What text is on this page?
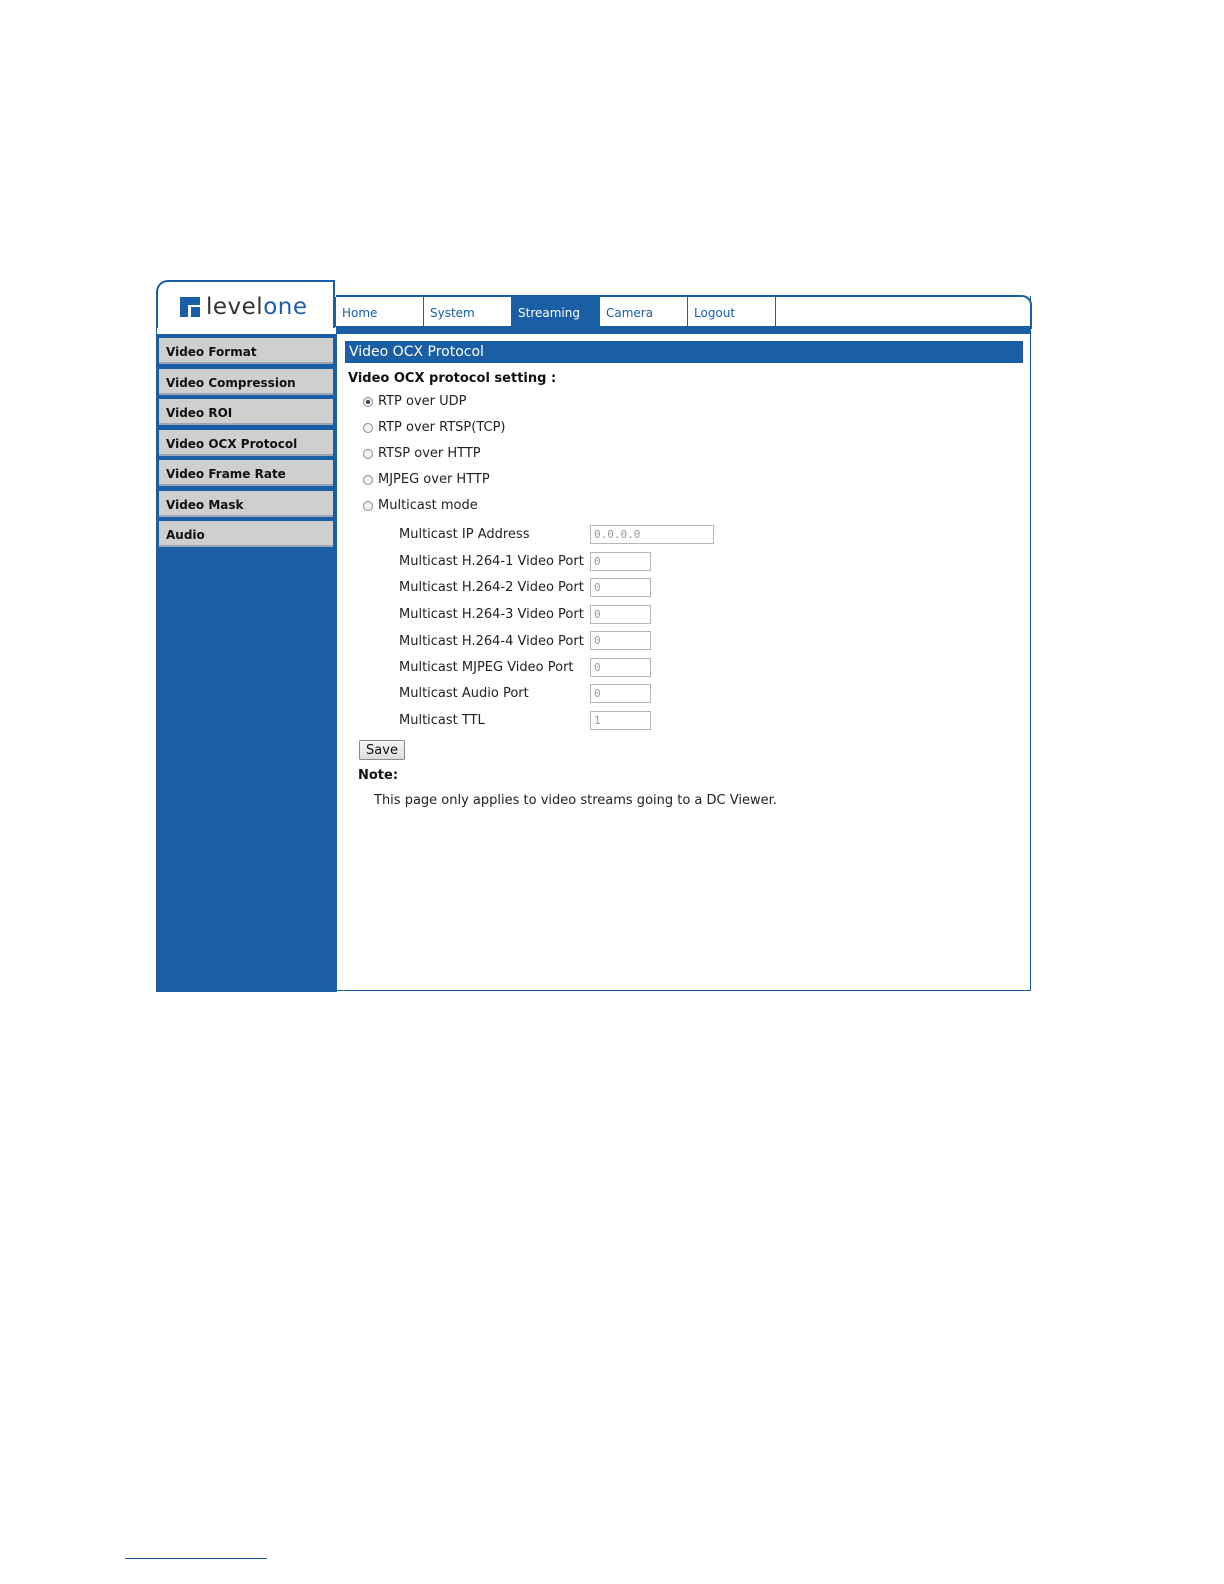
levelone	Home	System	Streaming	Camera	Logout
Video Format
Video Compression
Video ROI
Video OCX Protocol
Video Frame Rate
Video Mask
Audio
Video OCX Protocol
Video OCX protocol setting :
RTP over UDP
RTP over RTSP(TCP)
RTSP over HTTP
MJPEG over HTTP
Multicast mode
Multicast IP Address	0.0.0.0
Multicast H.264-1 Video Port 0
Multicast H.264-2 Video Port 0
Multicast H.264-3 Video Port 0
Multicast H.264-4 Video Port 0
Multicast MJPEG Video Port	0
Multicast Audio Port	0
Multicast TTL	1
Save
Note:
This page only applies to video streams going to a DC Viewer.
